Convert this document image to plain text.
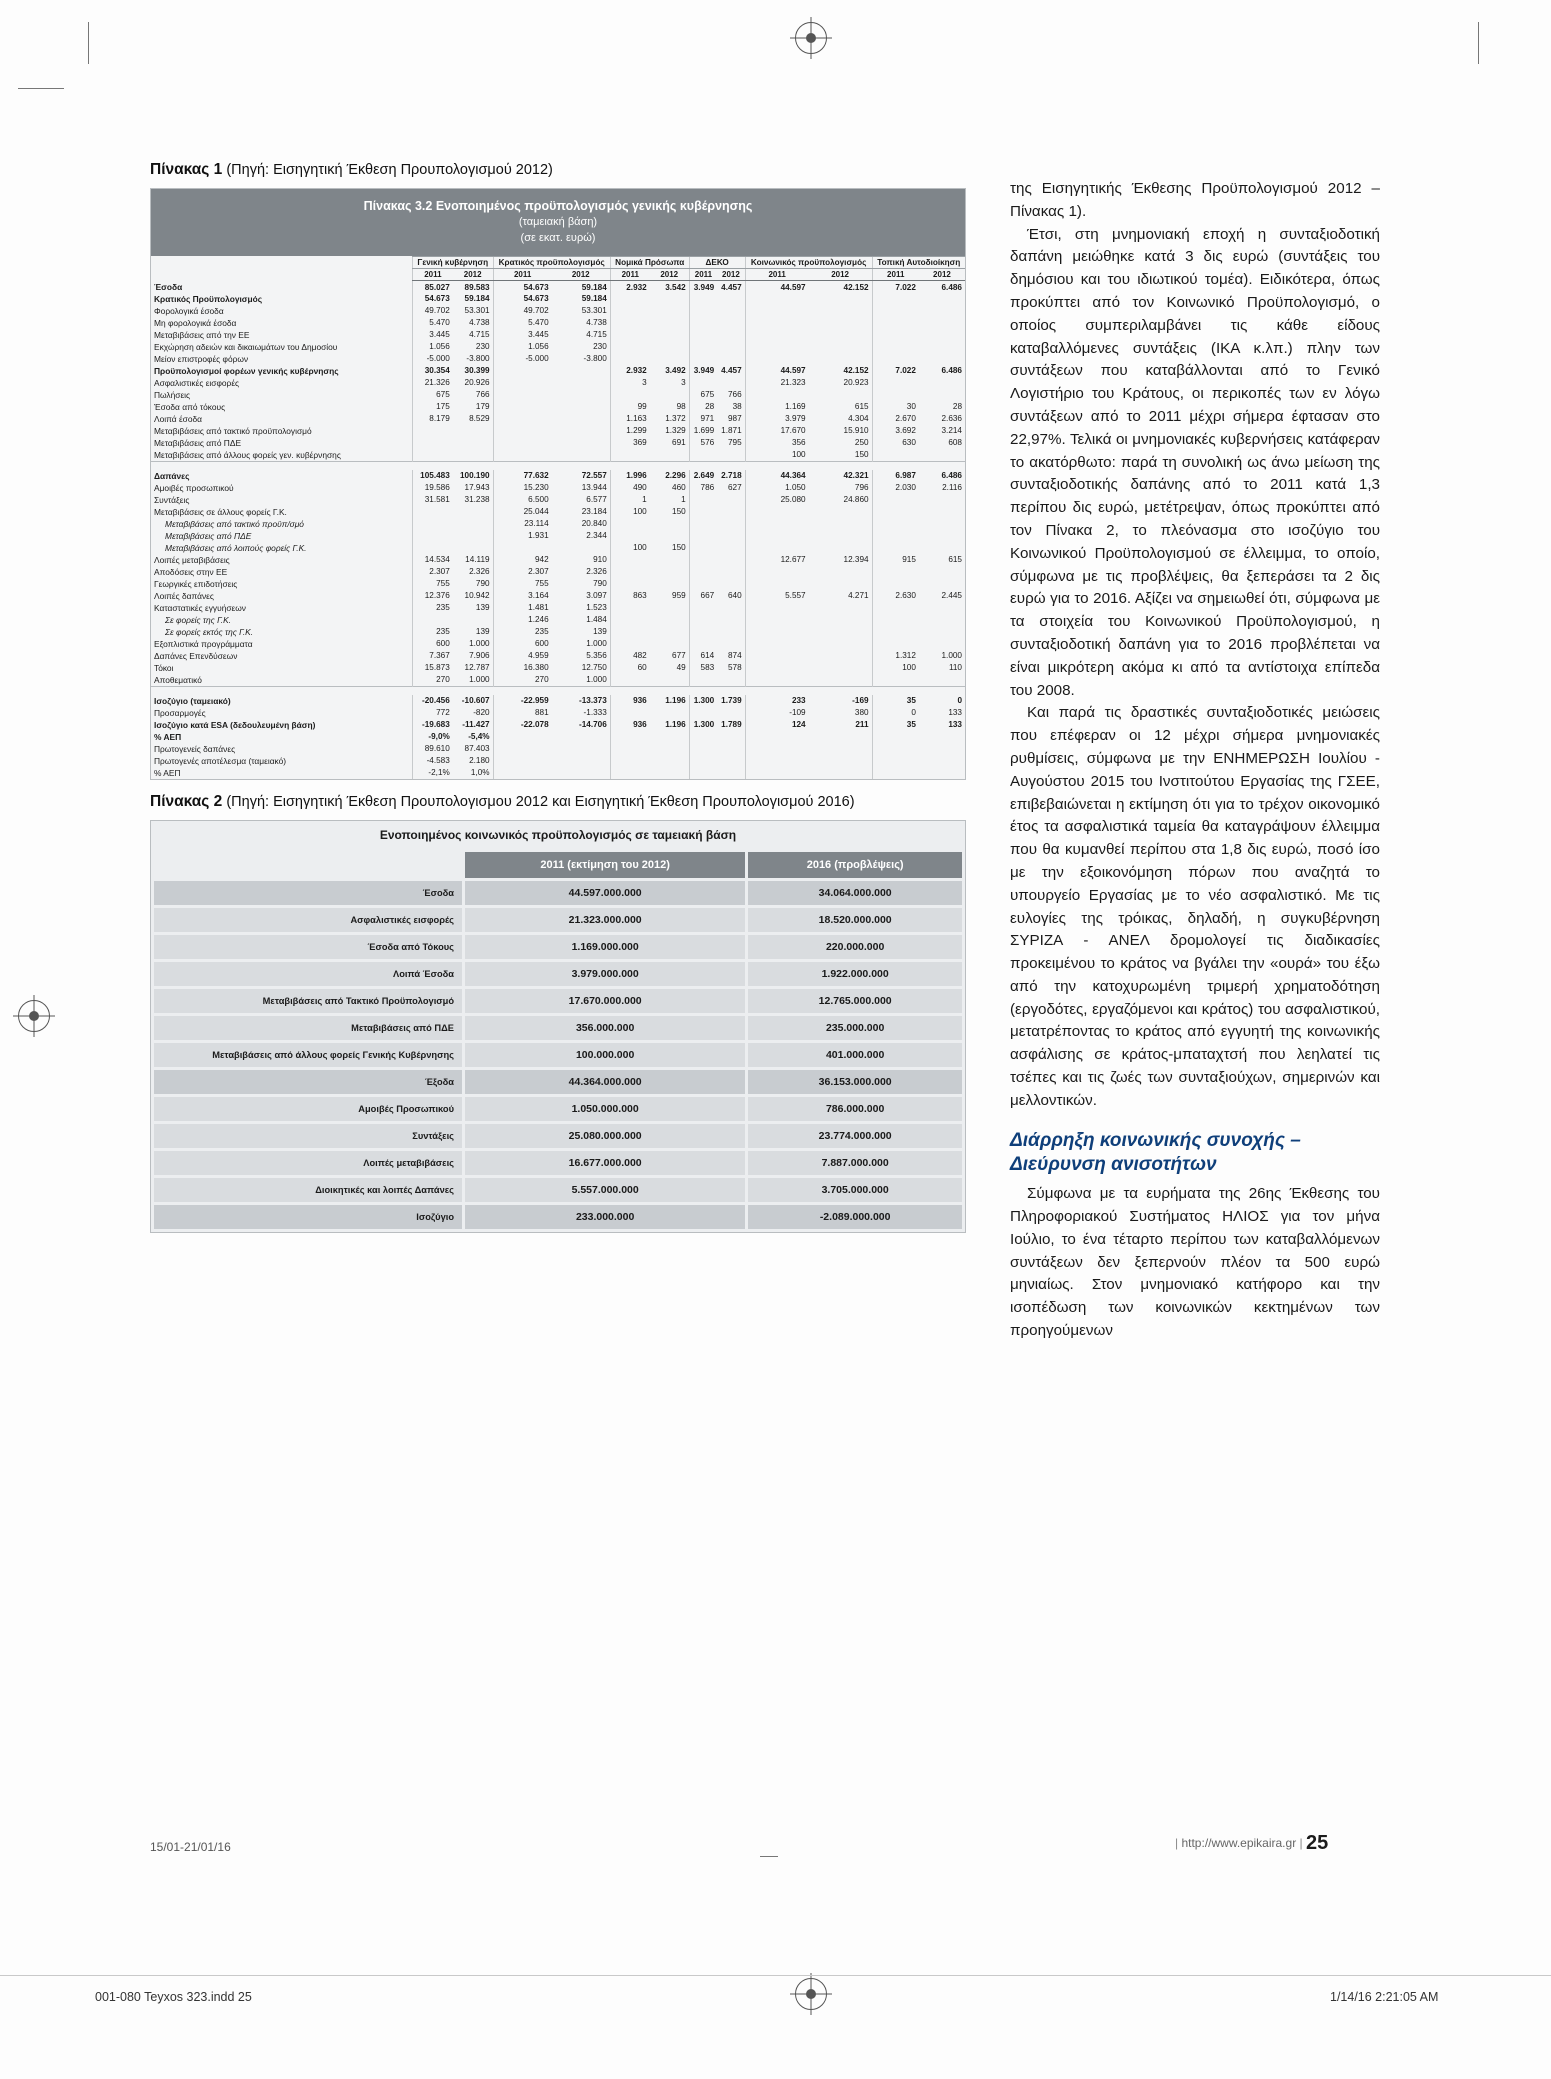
Πίνακας 1 (Πηγή: Εισηγητική Έκθεση Προυπολογισμού 2012)
Πίνακας 3.2 Ενοποιημένος προϋπολογισμός γενικής κυβέρνησης
(ταμειακή βάση)
(σε εκατ. ευρώ)
	Γενική κυβέρνηση		Κρατικός προϋπολογισμός		Νομικά Πρόσωπα		ΔΕΚΟ		Κοινωνικός προϋπολογισμός		Τοπική Αυτοδιοίκηση	
	2011	2012	2011	2012	2011	2012	2011	2012	2011	2012	2011	2012
Έσοδα	85.027	89.583	54.673	59.184	2.932	3.542	3.949	4.457	44.597	42.152	7.022	6.486
Κρατικός Προϋπολογισμός	54.673	59.184	54.673	59.184								
Φορολογικά έσοδα	49.702	53.301	49.702	53.301								
Μη φορολογικά έσοδα	5.470	4.738	5.470	4.738								
Μεταβιβάσεις από την ΕΕ	3.445	4.715	3.445	4.715								
Εκχώρηση αδειών και δικαιωμάτων του Δημοσίου	1.056	230	1.056	230								
Μείον επιστροφές φόρων	-5.000	-3.800	-5.000	-3.800								
Προϋπολογισμοί φορέων γενικής κυβέρνησης	30.354	30.399			2.932	3.492	3.949	4.457	44.597	42.152	7.022	6.486
Ασφαλιστικές εισφορές	21.326	20.926			3	3			21.323	20.923		
Πωλήσεις	675	766					675	766				
Έσοδα από τόκους	175	179			99	98	28	38	1.169	615	30	28
Λοιπά έσοδα	8.179	8.529			1.163	1.372	971	987	3.979	4.304	2.670	2.636
Μεταβιβάσεις από τακτικό προϋπολογισμό					1.299	1.329	1.699	1.871	17.670	15.910	3.692	3.214
Μεταβιβάσεις από ΠΔΕ					369	691	576	795	356	250	630	608
Μεταβιβάσεις από άλλους φορείς γεν. κυβέρνησης									100	150		

Δαπάνες	105.483	100.190	77.632	72.557	1.996	2.296	2.649	2.718	44.364	42.321	6.987	6.486
Αμοιβές προσωπικού	19.586	17.943	15.230	13.944	490	460	786	627	1.050	796	2.030	2.116
Συντάξεις	31.581	31.238	6.500	6.577	1	1			25.080	24.860		
Μεταβιβάσεις σε άλλους φορείς Γ.Κ.			25.044	23.184	100	150						
Μεταβιβάσεις από τακτικό προϋπ/σμό			23.114	20.840								
Μεταβιβάσεις από ΠΔΕ			1.931	2.344								
Μεταβιβάσεις από λοιπούς φορείς Γ.Κ.					100	150						
Λοιπές μεταβιβάσεις	14.534	14.119	942	910					12.677	12.394	915	615
Αποδόσεις στην ΕΕ	2.307	2.326	2.307	2.326								
Γεωργικές επιδοτήσεις	755	790	755	790								
Λοιπές δαπάνες	12.376	10.942	3.164	3.097	863	959	667	640	5.557	4.271	2.630	2.445
Καταστατικές εγγυήσεων	235	139	1.481	1.523								
Σε φορείς της Γ.Κ.			1.246	1.484								
Σε φορείς εκτός της Γ.Κ.	235	139	235	139								
Εξοπλιστικά προγράμματα	600	1.000	600	1.000								
Δαπάνες Επενδύσεων	7.367	7.906	4.959	5.356	482	677	614	874			1.312	1.000
Τόκοι	15.873	12.787	16.380	12.750	60	49	583	578			100	110
Αποθεματικό	270	1.000	270	1.000								

Ισοζύγιο (ταμειακό)	-20.456	-10.607	-22.959	-13.373	936	1.196	1.300	1.739	233	-169	35	0
Προσαρμογές	772	-820	881	-1.333					-109	380	0	133
Ισοζύγιο κατά ESA (δεδουλευμένη βάση)	-19.683	-11.427	-22.078	-14.706	936	1.196	1.300	1.789	124	211	35	133
% ΑΕΠ	-9,0%	-5,4%										
Πρωτογενείς δαπάνες	89.610	87.403										
Πρωτογενές αποτέλεσμα (ταμειακό)	-4.583	2.180										
% ΑΕΠ	-2,1%	1,0%										
Πίνακας 2 (Πηγή: Εισηγητική Έκθεση Προυπολογισμου 2012 και Εισηγητική Έκθεση Προυπολογισμού 2016)
Ενοποιημένος κοινωνικός προϋπολογισμός σε ταμειακή βάση
	2011 (εκτίμηση του 2012)	2016 (προβλέψεις)
Έσοδα	44.597.000.000	34.064.000.000
Ασφαλιστικές εισφορές	21.323.000.000	18.520.000.000
Έσοδα από Τόκους	1.169.000.000	220.000.000
Λοιπά Έσοδα	3.979.000.000	1.922.000.000
Μεταβιβάσεις από Τακτικό Προϋπολογισμό	17.670.000.000	12.765.000.000
Μεταβιβάσεις από ΠΔΕ	356.000.000	235.000.000
Μεταβιβάσεις από άλλους φορείς Γενικής Κυβέρνησης	100.000.000	401.000.000
Έξοδα	44.364.000.000	36.153.000.000
Αμοιβές Προσωπικού	1.050.000.000	786.000.000
Συντάξεις	25.080.000.000	23.774.000.000
Λοιπές μεταβιβάσεις	16.677.000.000	7.887.000.000
Διοικητικές και λοιπές Δαπάνες	5.557.000.000	3.705.000.000
Ισοζύγιο	233.000.000	-2.089.000.000

της Εισηγητικής Έκθεσης Προϋπολογισμού 2012 – Πίνακας 1).

Έτσι, στη μνημονιακή εποχή η συνταξιοδοτική δαπάνη μειώθηκε κατά 3 δις ευρώ (συντάξεις του δημόσιου και του ιδιωτικού τομέα). Ειδικότερα, όπως προκύπτει από τον Κοινωνικό Προϋπολογισμό, ο οποίος συμπεριλαμβάνει τις κάθε είδους καταβαλλόμενες συντάξεις (ΙΚΑ κ.λπ.) πλην των συντάξεων που καταβάλλονται από το Γενικό Λογιστήριο του Κράτους, οι περικοπές των εν λόγω συντάξεων από το 2011 μέχρι σήμερα έφτασαν στο 22,97%. Τελικά οι μνημονιακές κυβερνήσεις κατάφεραν το ακατόρθωτο: παρά τη συνολική ως άνω μείωση της συνταξιοδοτικής δαπάνης από το 2011 κατά 1,3 περίπου δις ευρώ, μετέτρεψαν, όπως προκύπτει από τον Πίνακα 2, το πλεόνασμα στο ισοζύγιο του Κοινωνικού Προϋπολογισμού σε έλλειμμα, το οποίο, σύμφωνα με τις προβλέψεις, θα ξεπεράσει τα 2 δις ευρώ για το 2016. Αξίζει να σημειωθεί ότι, σύμφωνα με τα στοιχεία του Κοινωνικού Προϋπολογισμού, η συνταξιοδοτική δαπάνη για το 2016 προβλέπεται να είναι μικρότερη ακόμα κι από τα αντίστοιχα επίπεδα του 2008.

Και παρά τις δραστικές συνταξιοδοτικές μειώσεις που επέφεραν οι 12 μέχρι σήμερα μνημονιακές ρυθμίσεις, σύμφωνα με την ΕΝΗΜΕΡΩΣΗ Ιουλίου - Αυγούστου 2015 του Ινστιτούτου Εργασίας της ΓΣΕΕ, επιβεβαιώνεται η εκτίμηση ότι για το τρέχον οικονομικό έτος τα ασφαλιστικά ταμεία θα καταγράψουν έλλειμμα που θα κυμανθεί περίπου στα 1,8 δις ευρώ, ποσό ίσο με την εξοικονόμηση πόρων που αναζητά το υπουργείο Εργασίας με το νέο ασφαλιστικό. Με τις ευλογίες της τρόικας, δηλαδή, η συγκυβέρνηση ΣΥΡΙΖΑ - ΑΝΕΛ δρομολογεί τις διαδικασίες προκειμένου το κράτος να βγάλει την «ουρά» του έξω από την κατοχυρωμένη τριμερή χρηματοδότηση (εργοδότες, εργαζόμενοι και κράτος) του ασφαλιστικού, μετατρέποντας το κράτος από εγγυητή της κοινωνικής ασφάλισης σε κράτος-μπαταχτσή που λεηλατεί τις τσέπες και τις ζωές των συνταξιούχων, σημερινών και μελλοντικών.

Διάρρηξη κοινωνικής συνοχής – Διεύρυνση ανισοτήτων

Σύμφωνα με τα ευρήματα της 26ης Έκθεσης του Πληροφοριακού Συστήματος ΗΛΙΟΣ για τον μήνα Ιούλιο, το ένα τέταρτο περίπου των καταβαλλόμενων συντάξεων δεν ξεπερνούν πλέον τα 500 ευρώ μηνιαίως. Στον μνημονιακό κατήφορο και την ισοπέδωση των κοινωνικών κεκτημένων των προηγούμενων

15/01-21/01/16	| http://www.epikaira.gr | 25
001-080 Teyxos 323.indd 25	1/14/16 2:21:05 AM
